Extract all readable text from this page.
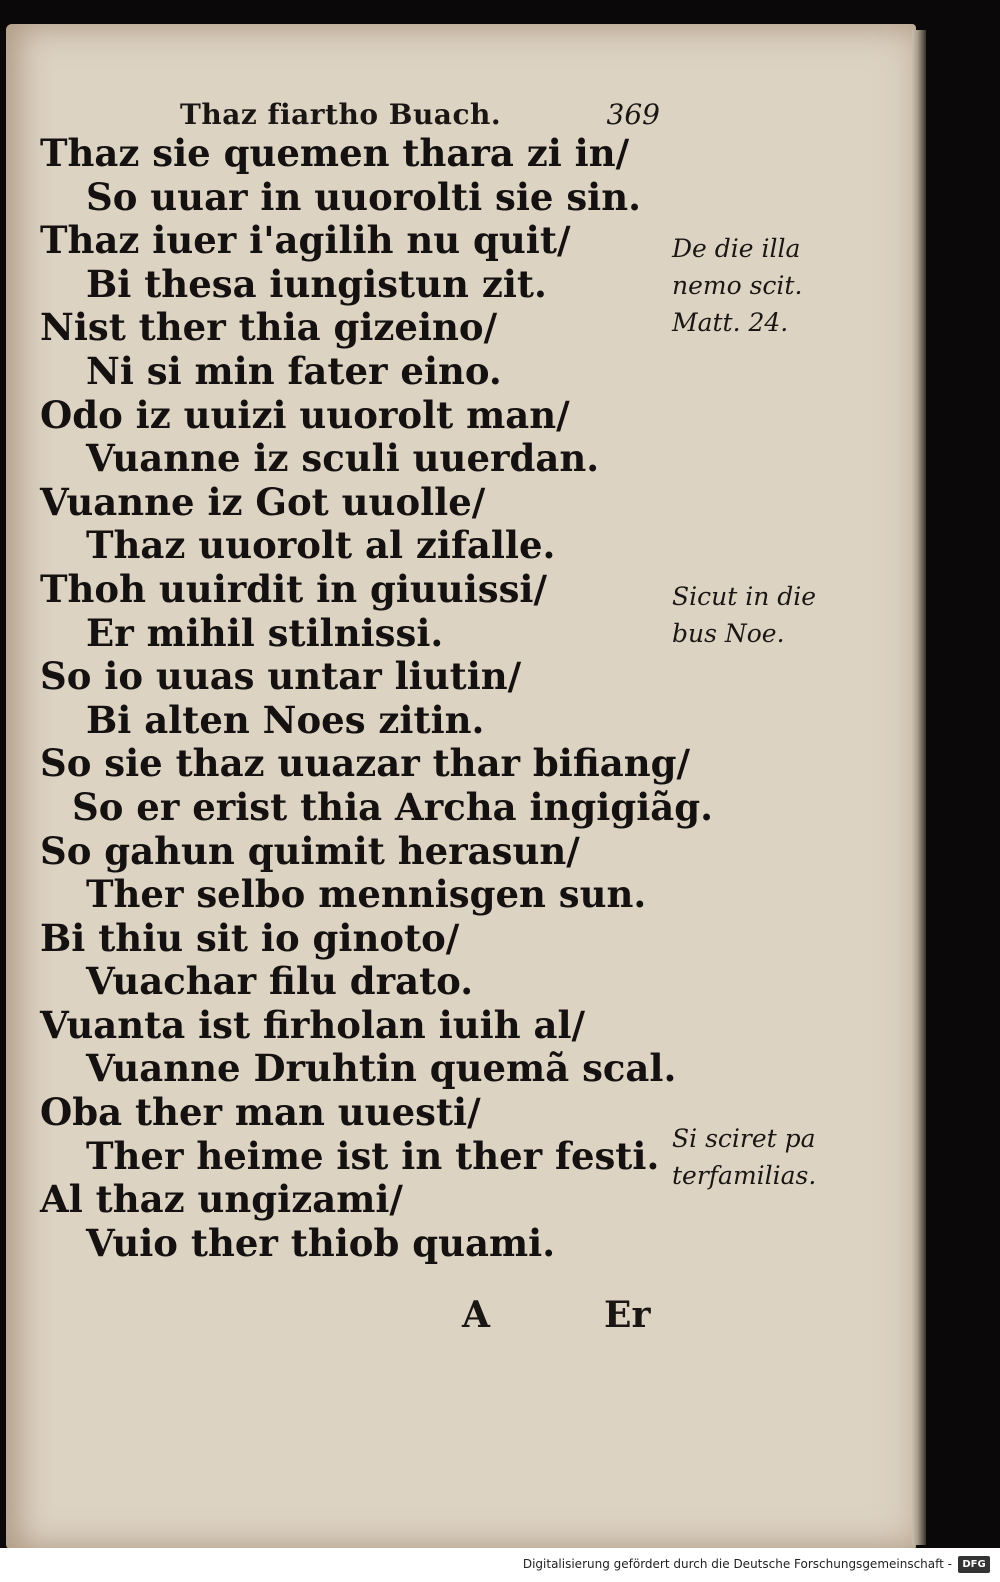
Thaz fiartho Buach.	369
Thaz sie quemen thara zi in/
So uuar in uuorolti sie sin.
Thaz iuer i'agilih nu quit/
Bi thesa iungistun zit.
Nist ther thia gizeino/
Ni si min fater eino.
Odo iz uuizi uuorolt man/
Vuanne iz sculi uuerdan.
Vuanne iz Got uuolle/
Thaz uuorolt al zifalle.
Thoh uuirdit in giuuissi/
Er mihil stilnissi.
So io uuas untar liutin/
Bi alten Noes zitin.
So sie thaz uuazar thar bifiang/
So er erist thia Archa ingigiãg.
So gahun quimit herasun/
Ther selbo mennisgen sun.
Bi thiu sit io ginoto/
Vuachar filu drato.
Vuanta ist firholan iuih al/
Vuanne Druhtin quemã scal.
Oba ther man uuesti/
Ther heime ist in ther festi.
Al thaz ungizami/
Vuio ther thiob quami.
De die illa
nemo scit.
Matt. 24.
Sicut in die
bus Noe.
Si sciret pa
terfamilias.
A	Er
Digitalisierung gefördert durch die Deutsche Forschungsgemeinschaft -	DFG
